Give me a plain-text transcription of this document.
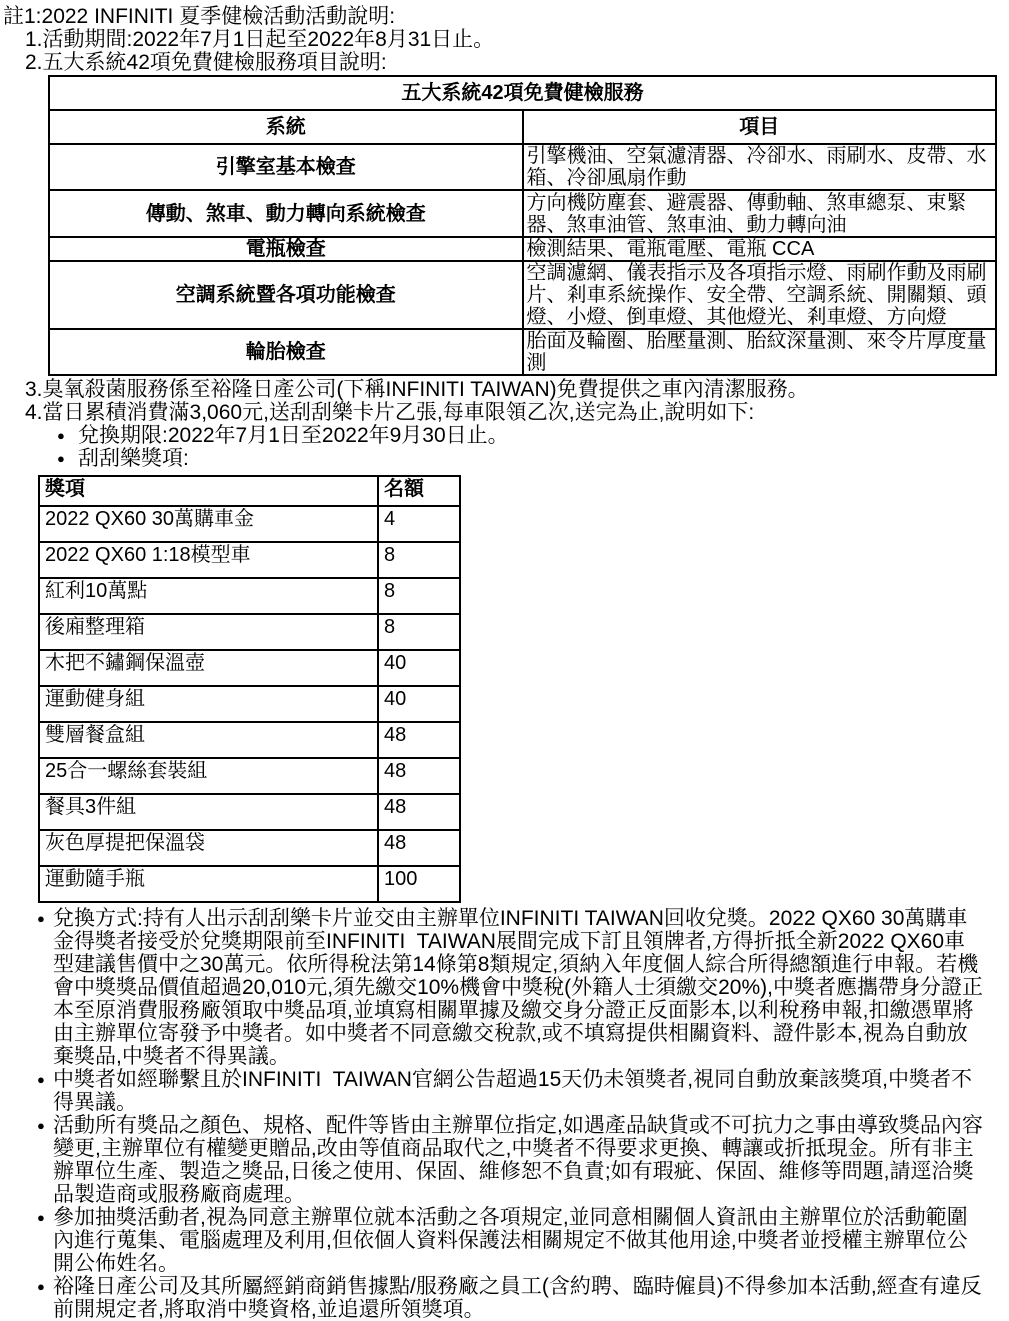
註1:2022 INFINITI 夏季健檢活動活動說明:
1.活動期間:2022年7月1日起至2022年8月31日止。
2.五大系統42項免費健檢服務項目說明:
五大系統42項免費健檢服務	
系統	項目
引擎室基本檢查	引擎機油、空氣濾清器、冷卻水、雨刷水、皮帶、水箱、冷卻風扇作動
傳動、煞車、動力轉向系統檢查	方向機防塵套、避震器、傳動軸、煞車總泵、束緊器、煞車油管、煞車油、動力轉向油
電瓶檢查	檢測結果、電瓶電壓、電瓶 CCA
空調系統暨各項功能檢查	空調濾網、儀表指示及各項指示燈、雨刷作動及雨刷片、剎車系統操作、安全帶、空調系統、開關類、頭燈、小燈、倒車燈、其他燈光、剎車燈、方向燈
輪胎檢查	胎面及輪圈、胎壓量測、胎紋深量測、來令片厚度量測
3.臭氧殺菌服務係至裕隆日產公司(下稱INFINITI TAIWAN)免費提供之車內清潔服務。
4.當日累積消費滿3,060元,送刮刮樂卡片乙張,每車限領乙次,送完為止,說明如下:
● 兌換期限:2022年7月1日至2022年9月30日止。
● 刮刮樂獎項:
獎項	名額
2022 QX60 30萬購車金	4
2022 QX60 1:18模型車	8
紅利10萬點	8
後廂整理箱	8
木把不鏽鋼保溫壺	40
運動健身組	40
雙層餐盒組	48
25合一螺絲套裝組	48
餐具3件組	48
灰色厚提把保溫袋	48
運動隨手瓶	100
● 兌換方式:持有人出示刮刮樂卡片並交由主辦單位INFINITI TAIWAN回收兌獎。2022 QX60 30萬購車金得獎者接受於兌獎期限前至INFINITI  TAIWAN展間完成下訂且領牌者,方得折抵全新2022 QX60車型建議售價中之30萬元。依所得稅法第14條第8類規定,須納入年度個人綜合所得總額進行申報。若機會中獎獎品價值超過20,010元,須先繳交10%機會中獎稅(外籍人士須繳交20%),中獎者應攜帶身分證正本至原消費服務廠領取中獎品項,並填寫相關單據及繳交身分證正反面影本,以利稅務申報,扣繳憑單將由主辦單位寄發予中獎者。如中獎者不同意繳交稅款,或不填寫提供相關資料、證件影本,視為自動放棄獎品,中獎者不得異議。
● 中獎者如經聯繫且於INFINITI  TAIWAN官網公告超過15天仍未領獎者,視同自動放棄該獎項,中獎者不得異議。
● 活動所有獎品之顏色、規格、配件等皆由主辦單位指定,如遇產品缺貨或不可抗力之事由導致獎品內容變更,主辦單位有權變更贈品,改由等值商品取代之,中獎者不得要求更換、轉讓或折抵現金。所有非主辦單位生產、製造之獎品,日後之使用、保固、維修恕不負責;如有瑕疵、保固、維修等問題,請逕洽獎品製造商或服務廠商處理。
● 參加抽獎活動者,視為同意主辦單位就本活動之各項規定,並同意相關個人資訊由主辦單位於活動範圍內進行蒐集、電腦處理及利用,但依個人資料保護法相關規定不做其他用途,中獎者並授權主辦單位公開公佈姓名。
● 裕隆日產公司及其所屬經銷商銷售據點/服務廠之員工(含約聘、臨時僱員)不得參加本活動,經查有違反前開規定者,將取消中獎資格,並追還所領獎項。
